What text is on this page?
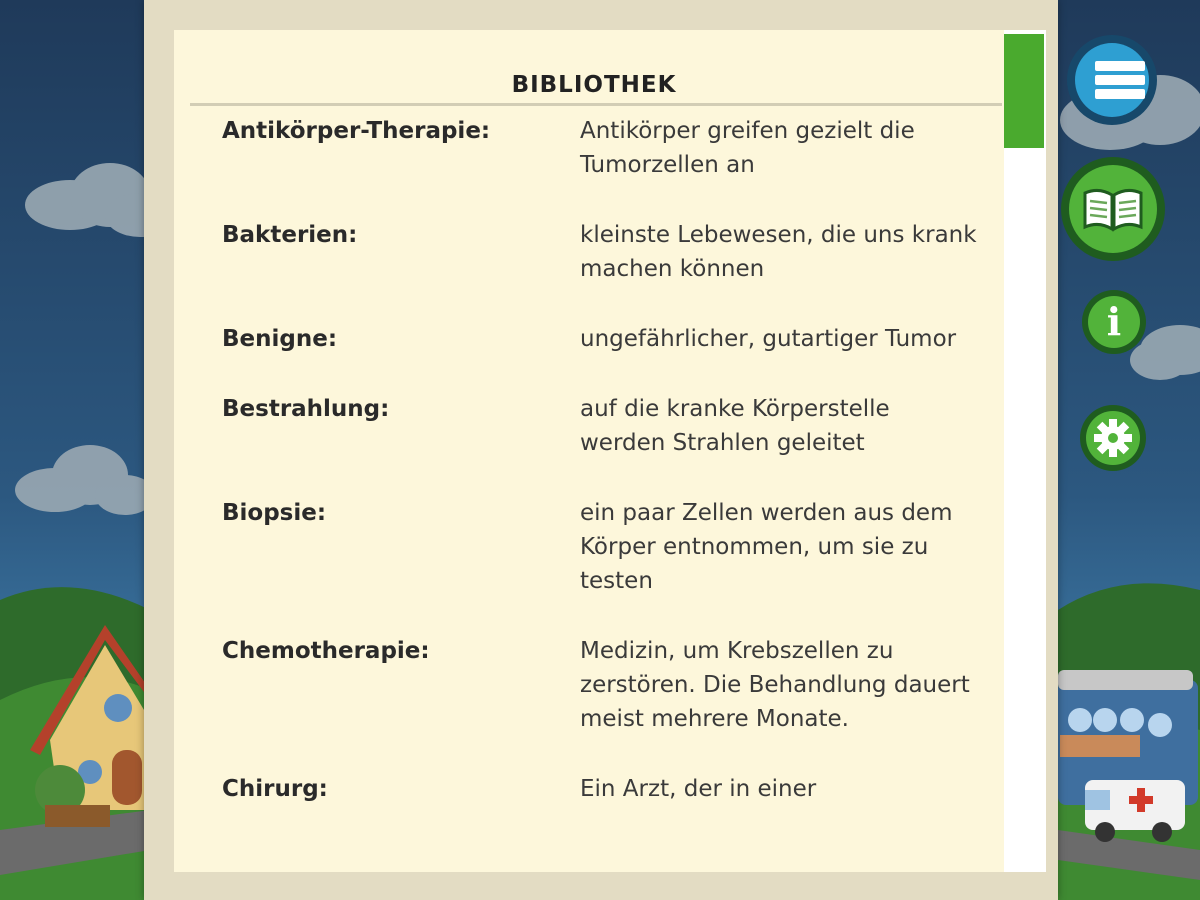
BIBLIOTHEK
Antikörper-Therapie:	Antikörper greifen gezielt die Tumorzellen an
Bakterien:	kleinste Lebewesen, die uns krank machen können
Benigne:	ungefährlicher, gutartiger Tumor
Bestrahlung:	auf die kranke Körperstelle werden Strahlen geleitet
Biopsie:	ein paar Zellen werden aus dem Körper entnommen, um sie zu testen
Chemotherapie:	Medizin, um Krebszellen zu zerstören. Die Behandlung dauert meist mehrere Monate.
Chirurg:	Ein Arzt, der in einer
i
